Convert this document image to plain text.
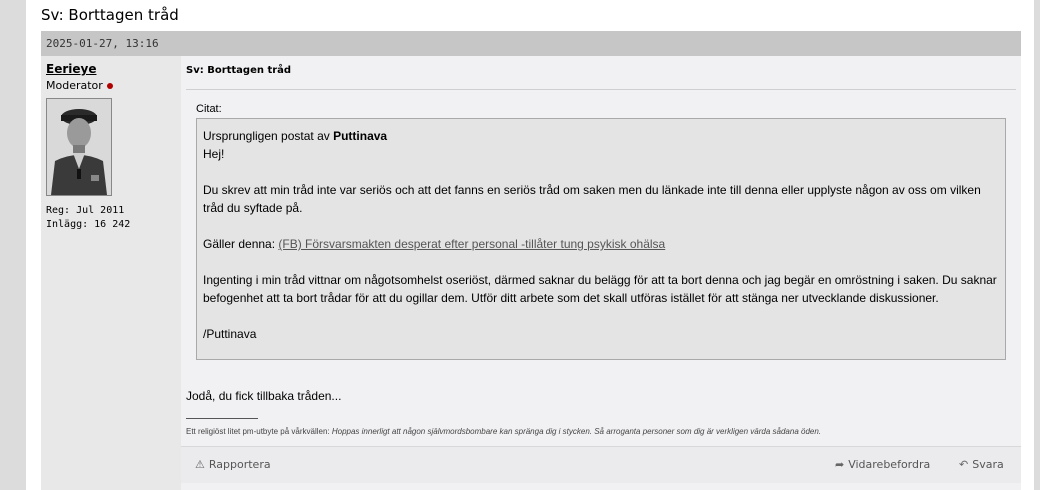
Sv: Borttagen tråd
2025-01-27, 13:16
Eerieye
Moderator
Reg: Jul 2011
Inlägg: 16 242
Sv: Borttagen tråd
Citat:

Ursprungligen postat av Puttinava

Hej!

Du skrev att min tråd inte var seriös och att det fanns en seriös tråd om saken men du länkade inte till denna eller upplyste någon av oss om vilken tråd du syftade på.

Gäller denna: (FB) Försvarsmakten desperat efter personal -tillåter tung psykisk ohälsa

Ingenting i min tråd vittnar om någotsomhelst oseriöst, därmed saknar du belägg för att ta bort denna och jag begär en omröstning i saken. Du saknar befogenhet att ta bort trådar för att du ogillar dem. Utför ditt arbete som det skall utföras istället för att stänga ner utvecklande diskussioner.

/Puttinava

Jodå, du fick tillbaka tråden...
Ett religiöst litet pm-utbyte på vårkvällen: Hoppas innerligt att någon självmordsbombare kan spränga dig i stycken. Så arroganta personer som dig är verkligen värda sådana öden.
⚠ Rapportera	➦ Vidarebefordra	↶ Svara
